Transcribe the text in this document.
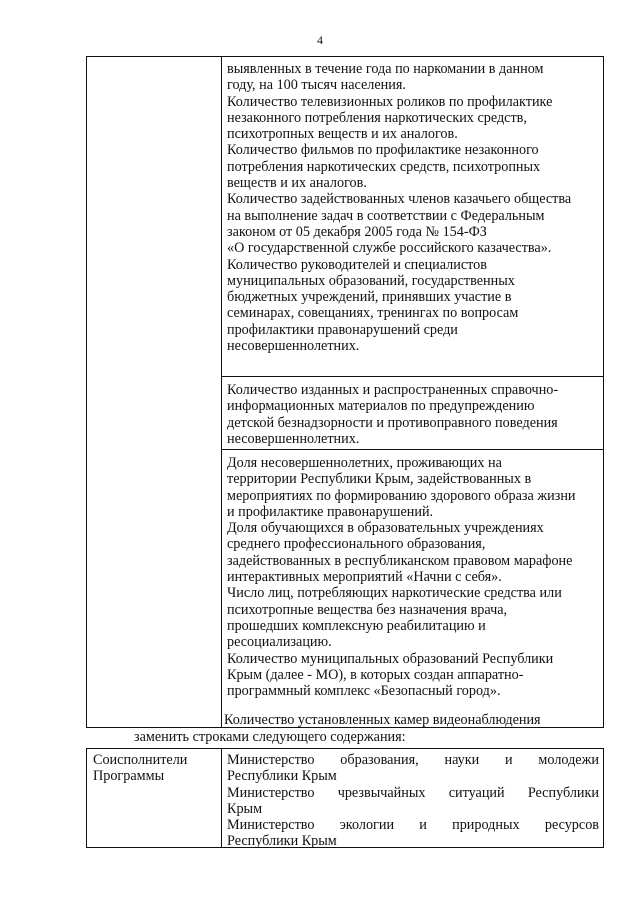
4

выявленных в течение года по наркомании в данном

году, на 100 тысяч населения.

Количество телевизионных роликов по профилактике

незаконного потребления наркотических средств,

психотропных веществ и их аналогов.

Количество фильмов по профилактике незаконного

потребления наркотических средств, психотропных

веществ и их аналогов.

Количество задействованных членов казачьего общества

на выполнение задач в соответствии с Федеральным

законом от 05 декабря 2005 года № 154-ФЗ

«О государственной службе российского казачества».

Количество руководителей и специалистов

муниципальных образований, государственных

бюджетных учреждений, принявших участие в

семинарах, совещаниях, тренингах по вопросам

профилактики правонарушений среди

несовершеннолетних.

Количество изданных и распространенных справочно-

информационных материалов по предупреждению

детской безнадзорности и противоправного поведения

несовершеннолетних.

Доля несовершеннолетних, проживающих на

территории Республики Крым, задействованных в

мероприятиях по формированию здорового образа жизни

и профилактике правонарушений.

Доля обучающихся в образовательных учреждениях

среднего профессионального образования,

задействованных в республиканском правовом марафоне

интерактивных мероприятий «Начни с себя».

Число лиц, потребляющих наркотические средства или

психотропные вещества без назначения врача,

прошедших комплексную реабилитацию и

ресоциализацию.

Количество муниципальных образований Республики

Крым (далее - МО), в которых создан аппаратно-

программный комплекс «Безопасный город».

Количество установленных камер видеонаблюдения
заменить строками следующего содержания:

Соисполнители

Программы

Министерство образования, науки и молодежи

Республики Крым

Министерство чрезвычайных ситуаций Республики

Крым

Министерство экологии и природных ресурсов

Республики Крым
